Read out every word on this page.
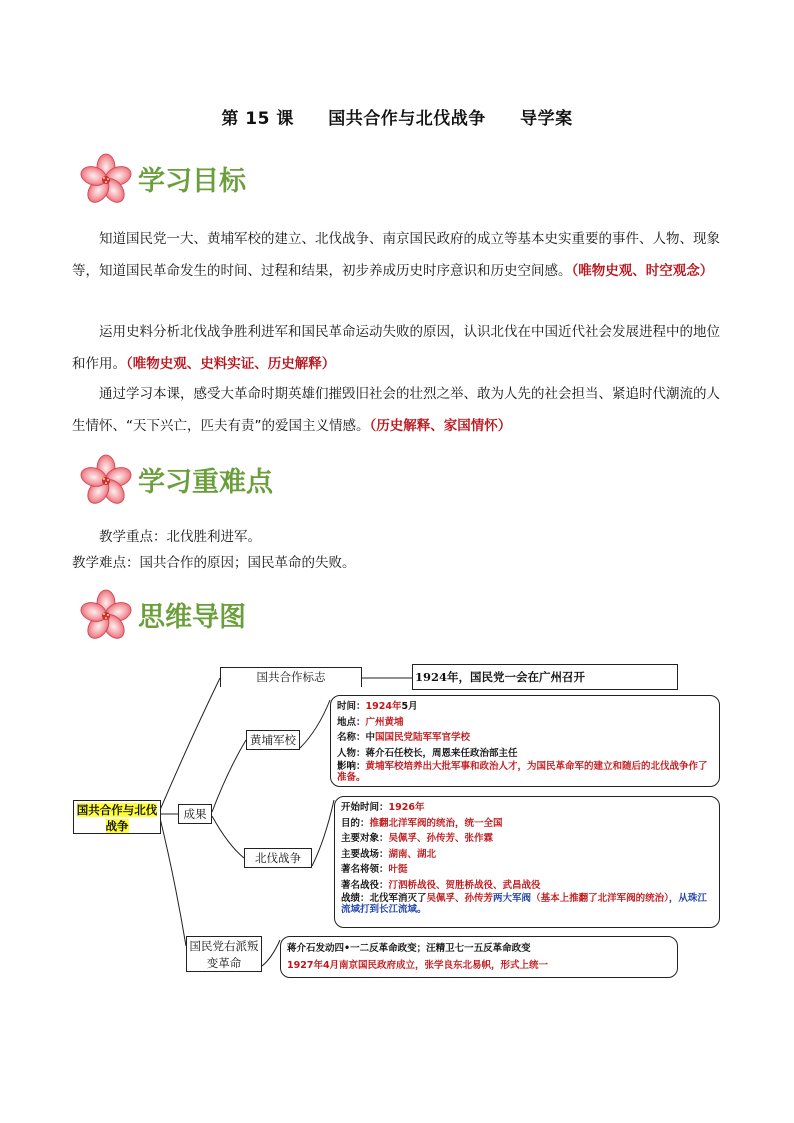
第 15 课 国共合作与北伐战争 导学案
学习目标
知道国民党一大、黄埔军校的建立、北伐战争、南京国民政府的成立等基本史实重要的事件、人物、现象等，知道国民革命发生的时间、过程和结果，初步养成历史时序意识和历史空间感。（唯物史观、时空观念）
运用史料分析北伐战争胜利进军和国民革命运动失败的原因，认识北伐在中国近代社会发展进程中的地位和作用。（唯物史观、史料实证、历史解释）
通过学习本课，感受大革命时期英雄们摧毁旧社会的壮烈之举、敢为人先的社会担当、紧追时代潮流的人生情怀、“天下兴亡，匹夫有责”的爱国主义情感。（历史解释、家国情怀）
学习重难点
教学重点：北伐胜利进军。
教学难点：国共合作的原因；国民革命的失败。
思维导图
国共合作与北伐战争
成果
国共合作标志	1924年，国民党一会在广州召开
黄埔军校
时间：1924年5月
地点：广州黄埔
名称：中国国民党陆军军官学校
人物：蒋介石任校长，周恩来任政治部主任
影响：黄埔军校培养出大批军事和政治人才，为国民革命军的建立和随后的北伐战争作了准备。
北伐战争
开始时间：1926年
目的：推翻北洋军阀的统治，统一全国
主要对象：吴佩孚、孙传芳、张作霖
主要战场：湖南、湖北
著名将领：叶挺
著名战役：汀泗桥战役、贺胜桥战役、武昌战役
战绩：北伐军消灭了吴佩孚、孙传芳两大军阀（基本上推翻了北洋军阀的统治），从珠江流域打到长江流域。
国民党右派叛变革命
蒋介石发动四•一二反革命政变；汪精卫七一五反革命政变
1927年4月南京国民政府成立，张学良东北易帜，形式上统一
